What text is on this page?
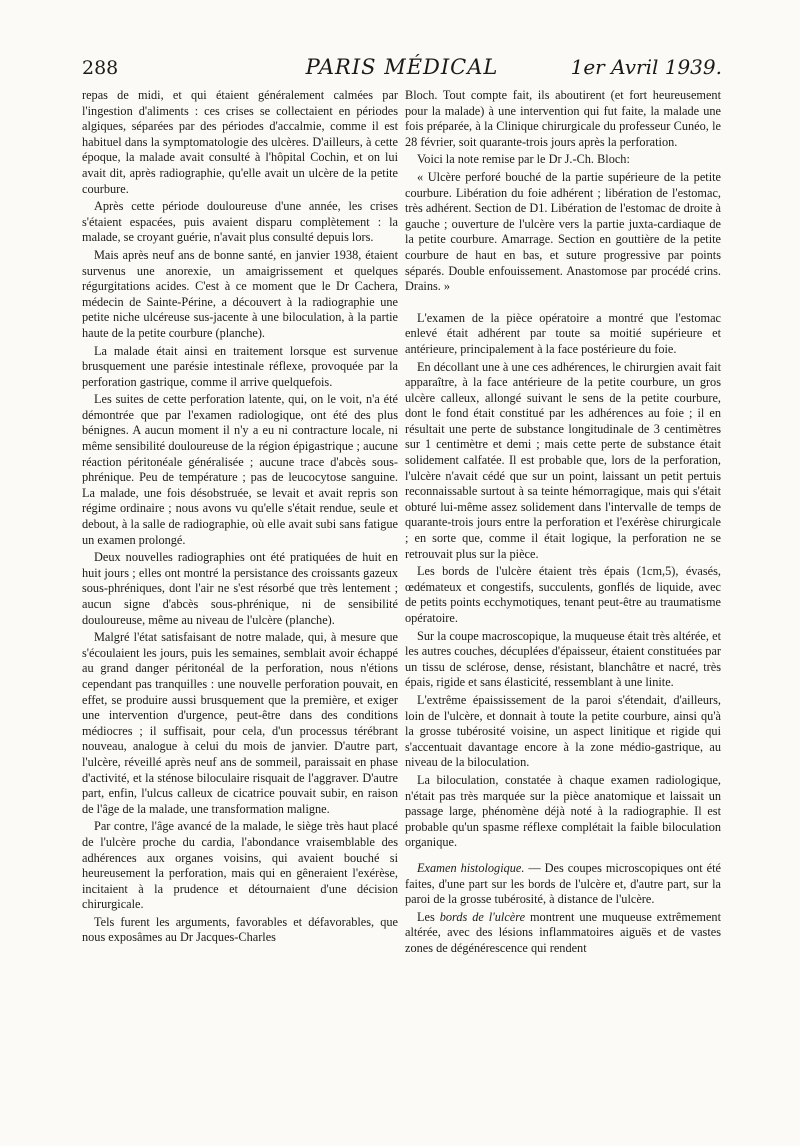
288	PARIS MÉDICAL	1er Avril 1939.

repas de midi, et qui étaient généralement calmées par l'ingestion d'aliments : ces crises se collectaient en périodes algiques, séparées par des périodes d'accalmie, comme il est habituel dans la symptomatologie des ulcères. D'ailleurs, à cette époque, la malade avait consulté à l'hôpital Cochin, et on lui avait dit, après radiographie, qu'elle avait un ulcère de la petite courbure.

Après cette période douloureuse d'une année, les crises s'étaient espacées, puis avaient disparu complètement : la malade, se croyant guérie, n'avait plus consulté depuis lors.

Mais après neuf ans de bonne santé, en janvier 1938, étaient survenus une anorexie, un amaigrissement et quelques régurgitations acides. C'est à ce moment que le Dr Cachera, médecin de Sainte-Périne, a découvert à la radiographie une petite niche ulcéreuse sus-jacente à une biloculation, à la partie haute de la petite courbure (planche).

La malade était ainsi en traitement lorsque est survenue brusquement une parésie intestinale réflexe, provoquée par la perforation gastrique, comme il arrive quelquefois.

Les suites de cette perforation latente, qui, on le voit, n'a été démontrée que par l'examen radiologique, ont été des plus bénignes. A aucun moment il n'y a eu ni contracture locale, ni même sensibilité douloureuse de la région épigastrique ; aucune réaction péritonéale généralisée ; aucune trace d'abcès sous-phrénique. Peu de température ; pas de leucocytose sanguine. La malade, une fois désobstruée, se levait et avait repris son régime ordinaire ; nous avons vu qu'elle s'était rendue, seule et debout, à la salle de radiographie, où elle avait subi sans fatigue un examen prolongé.

Deux nouvelles radiographies ont été pratiquées de huit en huit jours ; elles ont montré la persistance des croissants gazeux sous-phréniques, dont l'air ne s'est résorbé que très lentement ; aucun signe d'abcès sous-phrénique, ni de sensibilité douloureuse, même au niveau de l'ulcère (planche).

Malgré l'état satisfaisant de notre malade, qui, à mesure que s'écoulaient les jours, puis les semaines, semblait avoir échappé au grand danger péritonéal de la perforation, nous n'étions cependant pas tranquilles : une nouvelle perforation pouvait, en effet, se produire aussi brusquement que la première, et exiger une intervention d'urgence, peut-être dans des conditions médiocres ; il suffisait, pour cela, d'un processus térébrant nouveau, analogue à celui du mois de janvier. D'autre part, l'ulcère, réveillé après neuf ans de sommeil, paraissait en phase d'activité, et la sténose biloculaire risquait de l'aggraver. D'autre part, enfin, l'ulcus calleux de cicatrice pouvait subir, en raison de l'âge de la malade, une transformation maligne.

Par contre, l'âge avancé de la malade, le siège très haut placé de l'ulcère proche du cardia, l'abondance vraisemblable des adhérences aux organes voisins, qui avaient bouché si heureusement la perforation, mais qui en gêneraient l'exérèse, incitaient à la prudence et détournaient d'une décision chirurgicale.

Tels furent les arguments, favorables et défavorables, que nous exposâmes au Dr Jacques-Charles

Bloch. Tout compte fait, ils aboutirent (et fort heureusement pour la malade) à une intervention qui fut faite, la malade une fois préparée, à la Clinique chirurgicale du professeur Cunéo, le 28 février, soit quarante-trois jours après la perforation.

Voici la note remise par le Dr J.-Ch. Bloch:

« Ulcère perforé bouché de la partie supérieure de la petite courbure. Libération du foie adhérent ; libération de l'estomac, très adhérent. Section de D1. Libération de l'estomac de droite à gauche ; ouverture de l'ulcère vers la partie juxta-cardiaque de la petite courbure. Amarrage. Section en gouttière de la petite courbure de haut en bas, et suture progressive par points séparés. Double enfouissement. Anastomose par procédé crins. Drains. »

L'examen de la pièce opératoire a montré que l'estomac enlevé était adhérent par toute sa moitié supérieure et antérieure, principalement à la face postérieure du foie.

En décollant une à une ces adhérences, le chirurgien avait fait apparaître, à la face antérieure de la petite courbure, un gros ulcère calleux, allongé suivant le sens de la petite courbure, dont le fond était constitué par les adhérences au foie ; il en résultait une perte de substance longitudinale de 3 centimètres sur 1 centimètre et demi ; mais cette perte de substance était solidement calfatée. Il est probable que, lors de la perforation, l'ulcère n'avait cédé que sur un point, laissant un petit pertuis reconnaissable surtout à sa teinte hémorragique, mais qui s'était obturé lui-même assez solidement dans l'intervalle de temps de quarante-trois jours entre la perforation et l'exérèse chirurgicale ; en sorte que, comme il était logique, la perforation ne se retrouvait plus sur la pièce.

Les bords de l'ulcère étaient très épais (1cm,5), évasés, œdémateux et congestifs, succulents, gonflés de liquide, avec de petits points ecchymotiques, tenant peut-être au traumatisme opératoire.

Sur la coupe macroscopique, la muqueuse était très altérée, et les autres couches, décuplées d'épaisseur, étaient constituées par un tissu de sclérose, dense, résistant, blanchâtre et nacré, très épais, rigide et sans élasticité, ressemblant à une linite.

L'extrême épaississement de la paroi s'étendait, d'ailleurs, loin de l'ulcère, et donnait à toute la petite courbure, ainsi qu'à la grosse tubérosité voisine, un aspect linitique et rigide qui s'accentuait davantage encore à la zone médio-gastrique, au niveau de la biloculation.

La biloculation, constatée à chaque examen radiologique, n'était pas très marquée sur la pièce anatomique et laissait un passage large, phénomène déjà noté à la radiographie. Il est probable qu'un spasme réflexe complétait la faible biloculation organique.

Examen histologique. — Des coupes microscopiques ont été faites, d'une part sur les bords de l'ulcère et, d'autre part, sur la paroi de la grosse tubérosité, à distance de l'ulcère.

Les bords de l'ulcère montrent une muqueuse extrêmement altérée, avec des lésions inflammatoires aiguës et de vastes zones de dégénérescence qui rendent
